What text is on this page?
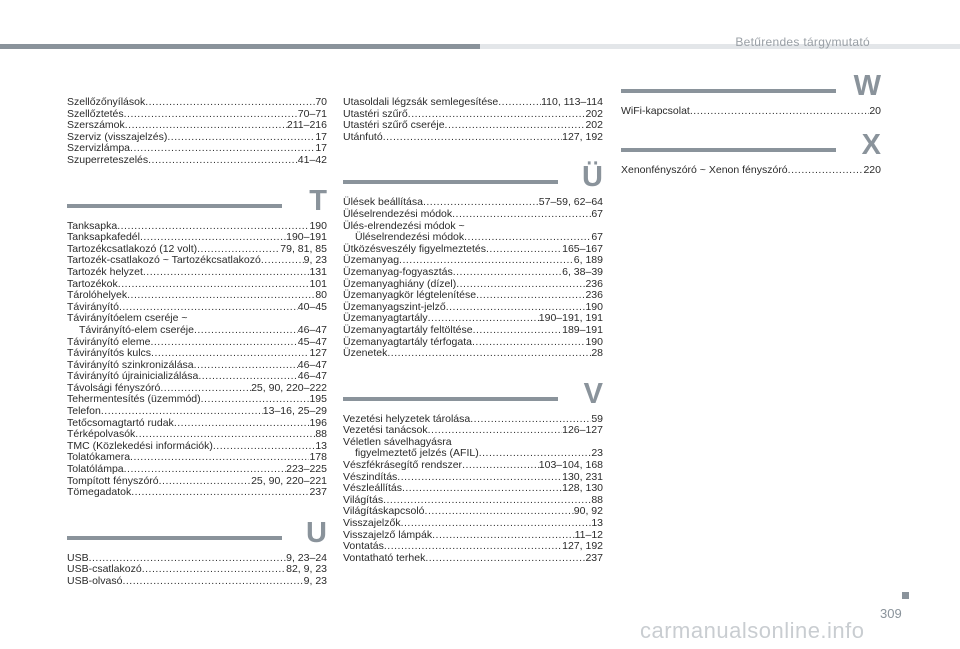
Betűrendes tárgymutató
Szellőzőnyílások .....	70
Szellőztetés .....	70–71
Szerszámok .....	211–216
Szerviz (visszajelzés) .....	17
Szervizlámpa .....	17
Szuperreteszelés .....	41–42
T
Tanksapka .....	190
Tanksapkafedél .....	190–191
Tartozékcsatlakozó (12 volt) .....	79, 81, 85
Tartozék-csatlakozó ~ Tartozékcsatlakozó .....	9, 23
Tartozék helyzet .....	131
Tartozékok .....	101
Tárolóhelyek .....	80
Távirányító .....	40–45
Távirányítóelem cseréje ~
Távirányító-elem cseréje .....	46–47
Távirányító eleme .....	45–47
Távirányítós kulcs .....	127
Távirányító szinkronizálása .....	46–47
Távirányító újrainicializálása .....	46–47
Távolsági fényszóró .....	25, 90, 220–222
Tehermentesítés (üzemmód) .....	195
Telefon .....	13–16, 25–29
Tetőcsomagtartó rudak .....	196
Térképolvasók .....	88
TMC (Közlekedési információk) .....	13
Tolatókamera .....	178
Tolatólámpa .....	223–225
Tompított fényszóró .....	25, 90, 220–221
Tömegadatok .....	237
U
USB .....	9, 23–24
USB-csatlakozó .....	82, 9, 23
USB-olvasó .....	9, 23
Utasoldali légzsák semlegesítése .....	110, 113–114
Utastéri szűrő .....	202
Utastéri szűrő cseréje .....	202
Utánfutó .....	127, 192
Ü
Ülések beállítása .....	57–59, 62–64
Üléselrendezési módok .....	67
Ülés-elrendezési módok ~
Üléselrendezési módok .....	67
Ütközésveszély figyelmeztetés .....	165–167
Üzemanyag .....	6, 189
Üzemanyag-fogyasztás .....	6, 38–39
Üzemanyaghiány (dízel) .....	236
Üzemanyagkör légtelenítése .....	236
Üzemanyagszint-jelző .....	190
Üzemanyagtartály .....	190–191, 191
Üzemanyagtartály feltöltése .....	189–191
Üzemanyagtartály térfogata .....	190
Üzenetek .....	28
V
Vezetési helyzetek tárolása .....	59
Vezetési tanácsok .....	126–127
Véletlen sávelhagyásra
figyelmeztető jelzés (AFIL) .....	23
Vészfékrásegítő rendszer .....	103–104, 168
Vészindítás .....	130, 231
Vészleállítás .....	128, 130
Világítás .....	88
Világításkapcsoló .....	90, 92
Visszajelzők .....	13
Visszajelző lámpák .....	11–12
Vontatás .....	127, 192
Vontatható terhek .....	237
W
WiFi-kapcsolat .....	20
X
Xenonfényszóró ~ Xenon fényszóró .....	220
309
carmanualsonline.info
